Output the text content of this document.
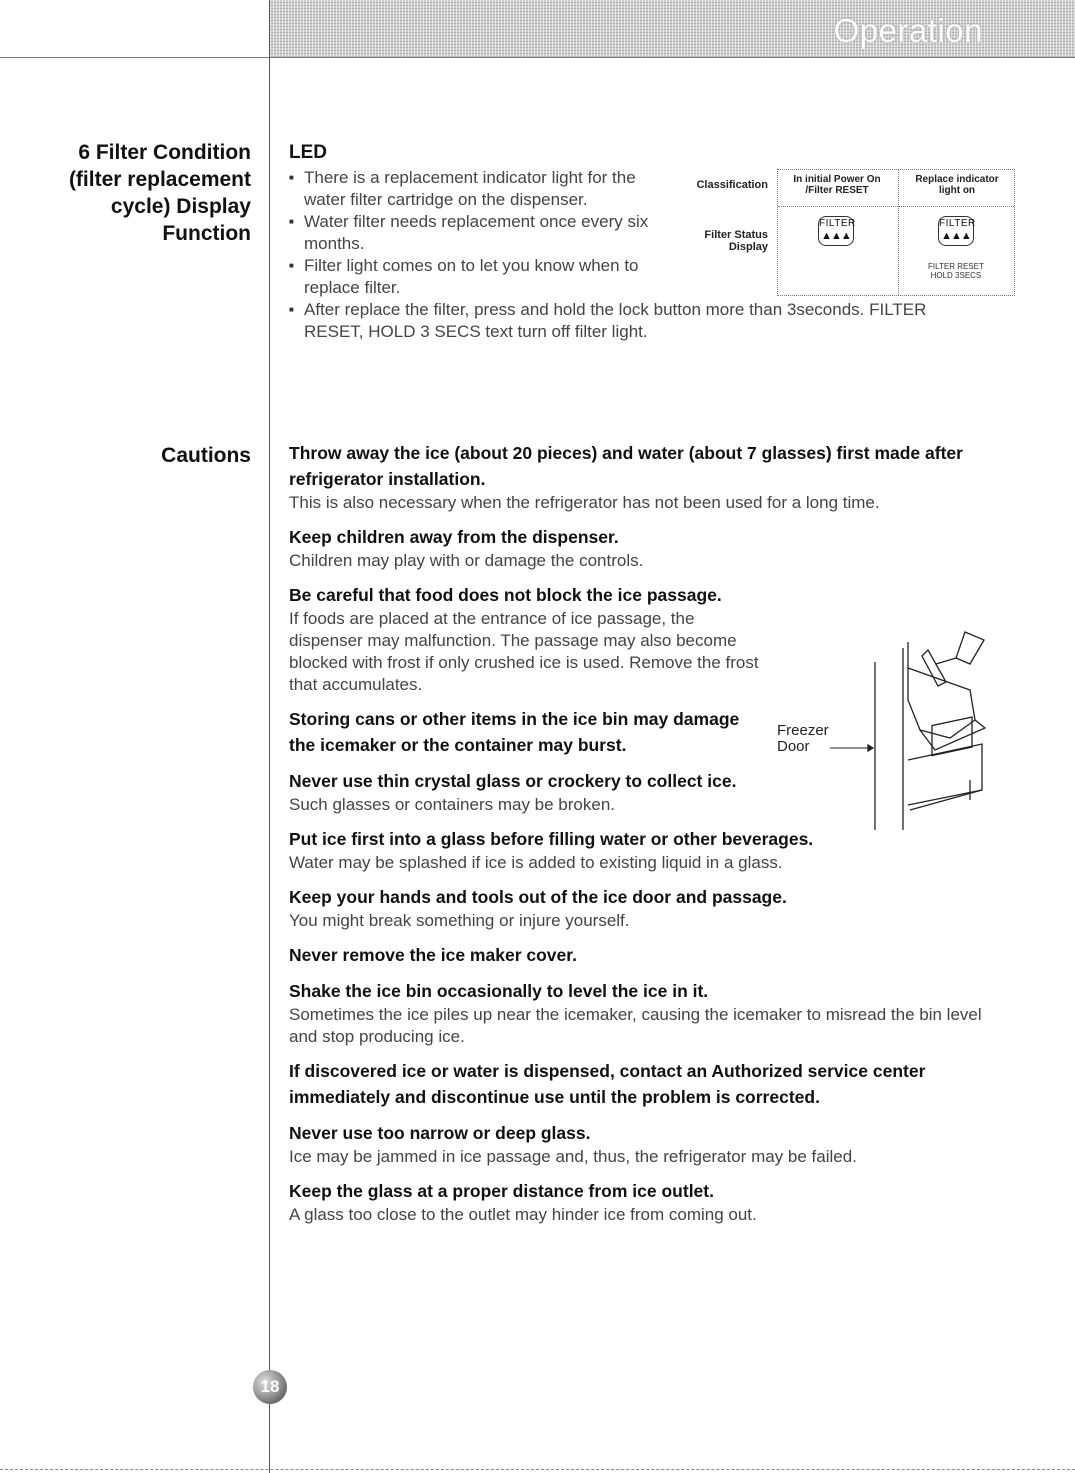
Operation
6 Filter Condition
(filter replacement
cycle) Display
Function
LED
■ There is a replacement indicator light for the water filter cartridge on the dispenser.
■ Water filter needs replacement once every six months.
■ Filter light comes on to let you know when to replace filter.
■ After replace the filter, press and hold the lock button more than 3seconds. FILTER RESET, HOLD 3 SECS text turn off filter light.
Classification
Filter Status
Display
In initial Power On
/Filter RESET
Replace indicator
light on
FILTER
▲▲▲
FILTER
▲▲▲
FILTER RESET
HOLD 3SECS
Cautions Throw away the ice (about 20 pieces) and water (about 7 glasses) first made after refrigerator installation.
This is also necessary when the refrigerator has not been used for a long time.
Keep children away from the dispenser.
Children may play with or damage the controls.
Be careful that food does not block the ice passage.
If foods are placed at the entrance of ice passage, the dispenser may malfunction. The passage may also become blocked with frost if only crushed ice is used. Remove the frost that accumulates.
Storing cans or other items in the ice bin may damage the icemaker or the container may burst.
Never use thin crystal glass or crockery to collect ice.
Such glasses or containers may be broken.
Put ice first into a glass before filling water or other beverages.
Water may be splashed if ice is added to existing liquid in a glass.
Keep your hands and tools out of the ice door and passage.
You might break something or injure yourself.
Never remove the ice maker cover.
Shake the ice bin occasionally to level the ice in it.
Sometimes the ice piles up near the icemaker, causing the icemaker to misread the bin level and stop producing ice.
If discovered ice or water is dispensed, contact an Authorized service center immediately and discontinue use until the problem is corrected.
Never use too narrow or deep glass.
Ice may be jammed in ice passage and, thus, the refrigerator may be failed.
Keep the glass at a proper distance from ice outlet.
A glass too close to the outlet may hinder ice from coming out.
Freezer
Door
18
